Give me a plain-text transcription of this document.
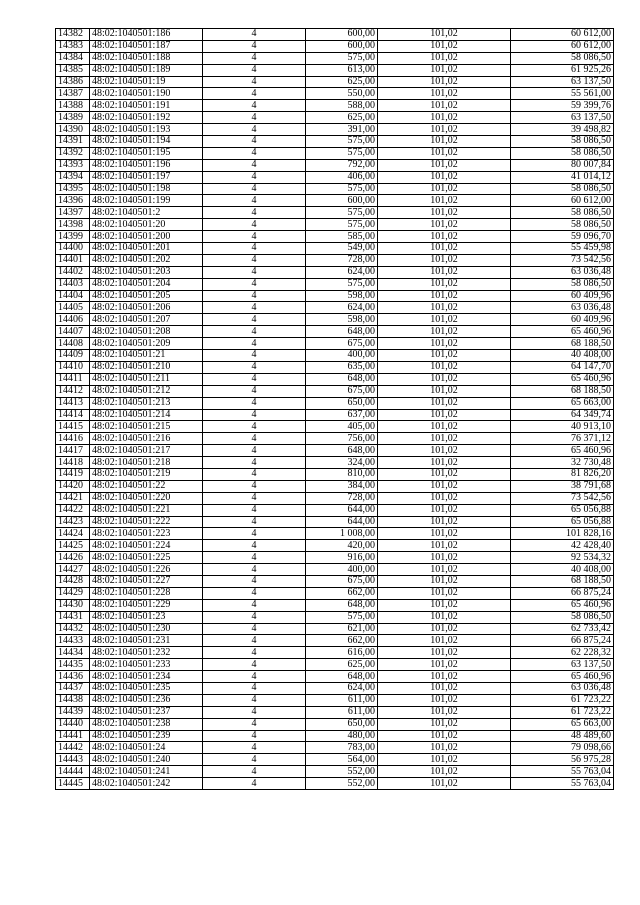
14382	48:02:1040501:186	4	600,00	101,02	60 612,00
14383	48:02:1040501:187	4	600,00	101,02	60 612,00
14384	48:02:1040501:188	4	575,00	101,02	58 086,50
14385	48:02:1040501:189	4	613,00	101,02	61 925,26
14386	48:02:1040501:19	4	625,00	101,02	63 137,50
14387	48:02:1040501:190	4	550,00	101,02	55 561,00
14388	48:02:1040501:191	4	588,00	101,02	59 399,76
14389	48:02:1040501:192	4	625,00	101,02	63 137,50
14390	48:02:1040501:193	4	391,00	101,02	39 498,82
14391	48:02:1040501:194	4	575,00	101,02	58 086,50
14392	48:02:1040501:195	4	575,00	101,02	58 086,50
14393	48:02:1040501:196	4	792,00	101,02	80 007,84
14394	48:02:1040501:197	4	406,00	101,02	41 014,12
14395	48:02:1040501:198	4	575,00	101,02	58 086,50
14396	48:02:1040501:199	4	600,00	101,02	60 612,00
14397	48:02:1040501:2	4	575,00	101,02	58 086,50
14398	48:02:1040501:20	4	575,00	101,02	58 086,50
14399	48:02:1040501:200	4	585,00	101,02	59 096,70
14400	48:02:1040501:201	4	549,00	101,02	55 459,98
14401	48:02:1040501:202	4	728,00	101,02	73 542,56
14402	48:02:1040501:203	4	624,00	101,02	63 036,48
14403	48:02:1040501:204	4	575,00	101,02	58 086,50
14404	48:02:1040501:205	4	598,00	101,02	60 409,96
14405	48:02:1040501:206	4	624,00	101,02	63 036,48
14406	48:02:1040501:207	4	598,00	101,02	60 409,96
14407	48:02:1040501:208	4	648,00	101,02	65 460,96
14408	48:02:1040501:209	4	675,00	101,02	68 188,50
14409	48:02:1040501:21	4	400,00	101,02	40 408,00
14410	48:02:1040501:210	4	635,00	101,02	64 147,70
14411	48:02:1040501:211	4	648,00	101,02	65 460,96
14412	48:02:1040501:212	4	675,00	101,02	68 188,50
14413	48:02:1040501:213	4	650,00	101,02	65 663,00
14414	48:02:1040501:214	4	637,00	101,02	64 349,74
14415	48:02:1040501:215	4	405,00	101,02	40 913,10
14416	48:02:1040501:216	4	756,00	101,02	76 371,12
14417	48:02:1040501:217	4	648,00	101,02	65 460,96
14418	48:02:1040501:218	4	324,00	101,02	32 730,48
14419	48:02:1040501:219	4	810,00	101,02	81 826,20
14420	48:02:1040501:22	4	384,00	101,02	38 791,68
14421	48:02:1040501:220	4	728,00	101,02	73 542,56
14422	48:02:1040501:221	4	644,00	101,02	65 056,88
14423	48:02:1040501:222	4	644,00	101,02	65 056,88
14424	48:02:1040501:223	4	1 008,00	101,02	101 828,16
14425	48:02:1040501:224	4	420,00	101,02	42 428,40
14426	48:02:1040501:225	4	916,00	101,02	92 534,32
14427	48:02:1040501:226	4	400,00	101,02	40 408,00
14428	48:02:1040501:227	4	675,00	101,02	68 188,50
14429	48:02:1040501:228	4	662,00	101,02	66 875,24
14430	48:02:1040501:229	4	648,00	101,02	65 460,96
14431	48:02:1040501:23	4	575,00	101,02	58 086,50
14432	48:02:1040501:230	4	621,00	101,02	62 733,42
14433	48:02:1040501:231	4	662,00	101,02	66 875,24
14434	48:02:1040501:232	4	616,00	101,02	62 228,32
14435	48:02:1040501:233	4	625,00	101,02	63 137,50
14436	48:02:1040501:234	4	648,00	101,02	65 460,96
14437	48:02:1040501:235	4	624,00	101,02	63 036,48
14438	48:02:1040501:236	4	611,00	101,02	61 723,22
14439	48:02:1040501:237	4	611,00	101,02	61 723,22
14440	48:02:1040501:238	4	650,00	101,02	65 663,00
14441	48:02:1040501:239	4	480,00	101,02	48 489,60
14442	48:02:1040501:24	4	783,00	101,02	79 098,66
14443	48:02:1040501:240	4	564,00	101,02	56 975,28
14444	48:02:1040501:241	4	552,00	101,02	55 763,04
14445	48:02:1040501:242	4	552,00	101,02	55 763,04
